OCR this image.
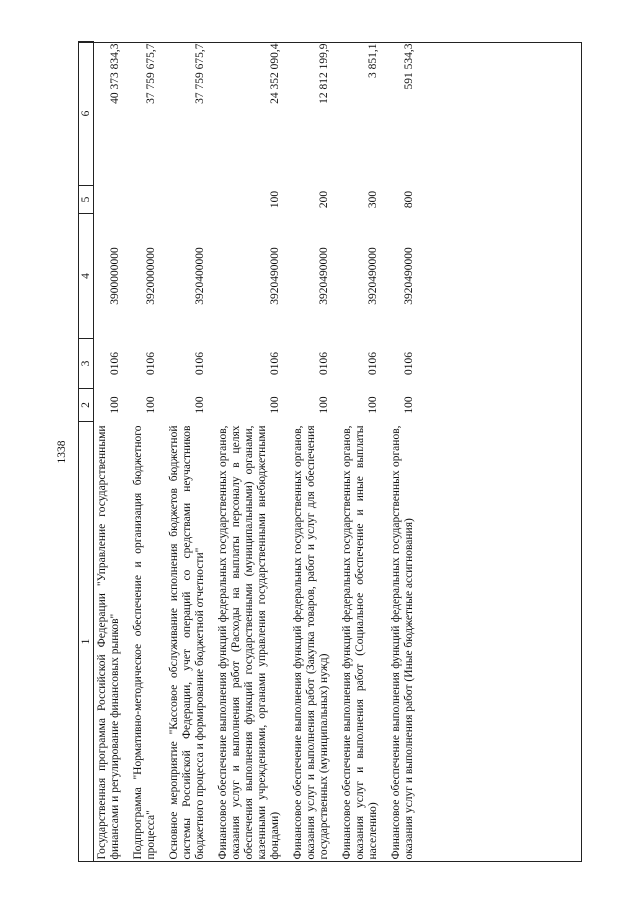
1338
1	2	3	4	5	6
Государственная программа Российской Федерации "Управление государственными финансами и регулирование финансовых рынков"	100	0106	3900000000		40 373 834,3
Подпрограмма "Нормативно-методическое обеспечение и организация бюджетного процесса"	100	0106	3920000000		37 759 675,7
Основное мероприятие "Кассовое обслуживание исполнения бюджетов бюджетной системы Российской Федерации, учет операций со средствами неучастников бюджетного процесса и формирование бюджетной отчетности"	100	0106	3920400000		37 759 675,7
Финансовое обеспечение выполнения функций федеральных государственных органов, оказания услуг и выполнения работ (Расходы на выплаты персоналу в целях обеспечения выполнения функций государственными (муниципальными) органами, казенными учреждениями, органами управления государственными внебюджетными фондами)	100	0106	3920490000	100	24 352 090,4
Финансовое обеспечение выполнения функций федеральных государственных органов, оказания услуг и выполнения работ (Закупка товаров, работ и услуг для обеспечения государственных (муниципальных) нужд)	100	0106	3920490000	200	12 812 199,9
Финансовое обеспечение выполнения функций федеральных государственных органов, оказания услуг и выполнения работ (Социальное обеспечение и иные выплаты населению)	100	0106	3920490000	300	3 851,1
Финансовое обеспечение выполнения функций федеральных государственных органов, оказания услуг и выполнения работ (Иные бюджетные ассигнования)	100	0106	3920490000	800	591 534,3
